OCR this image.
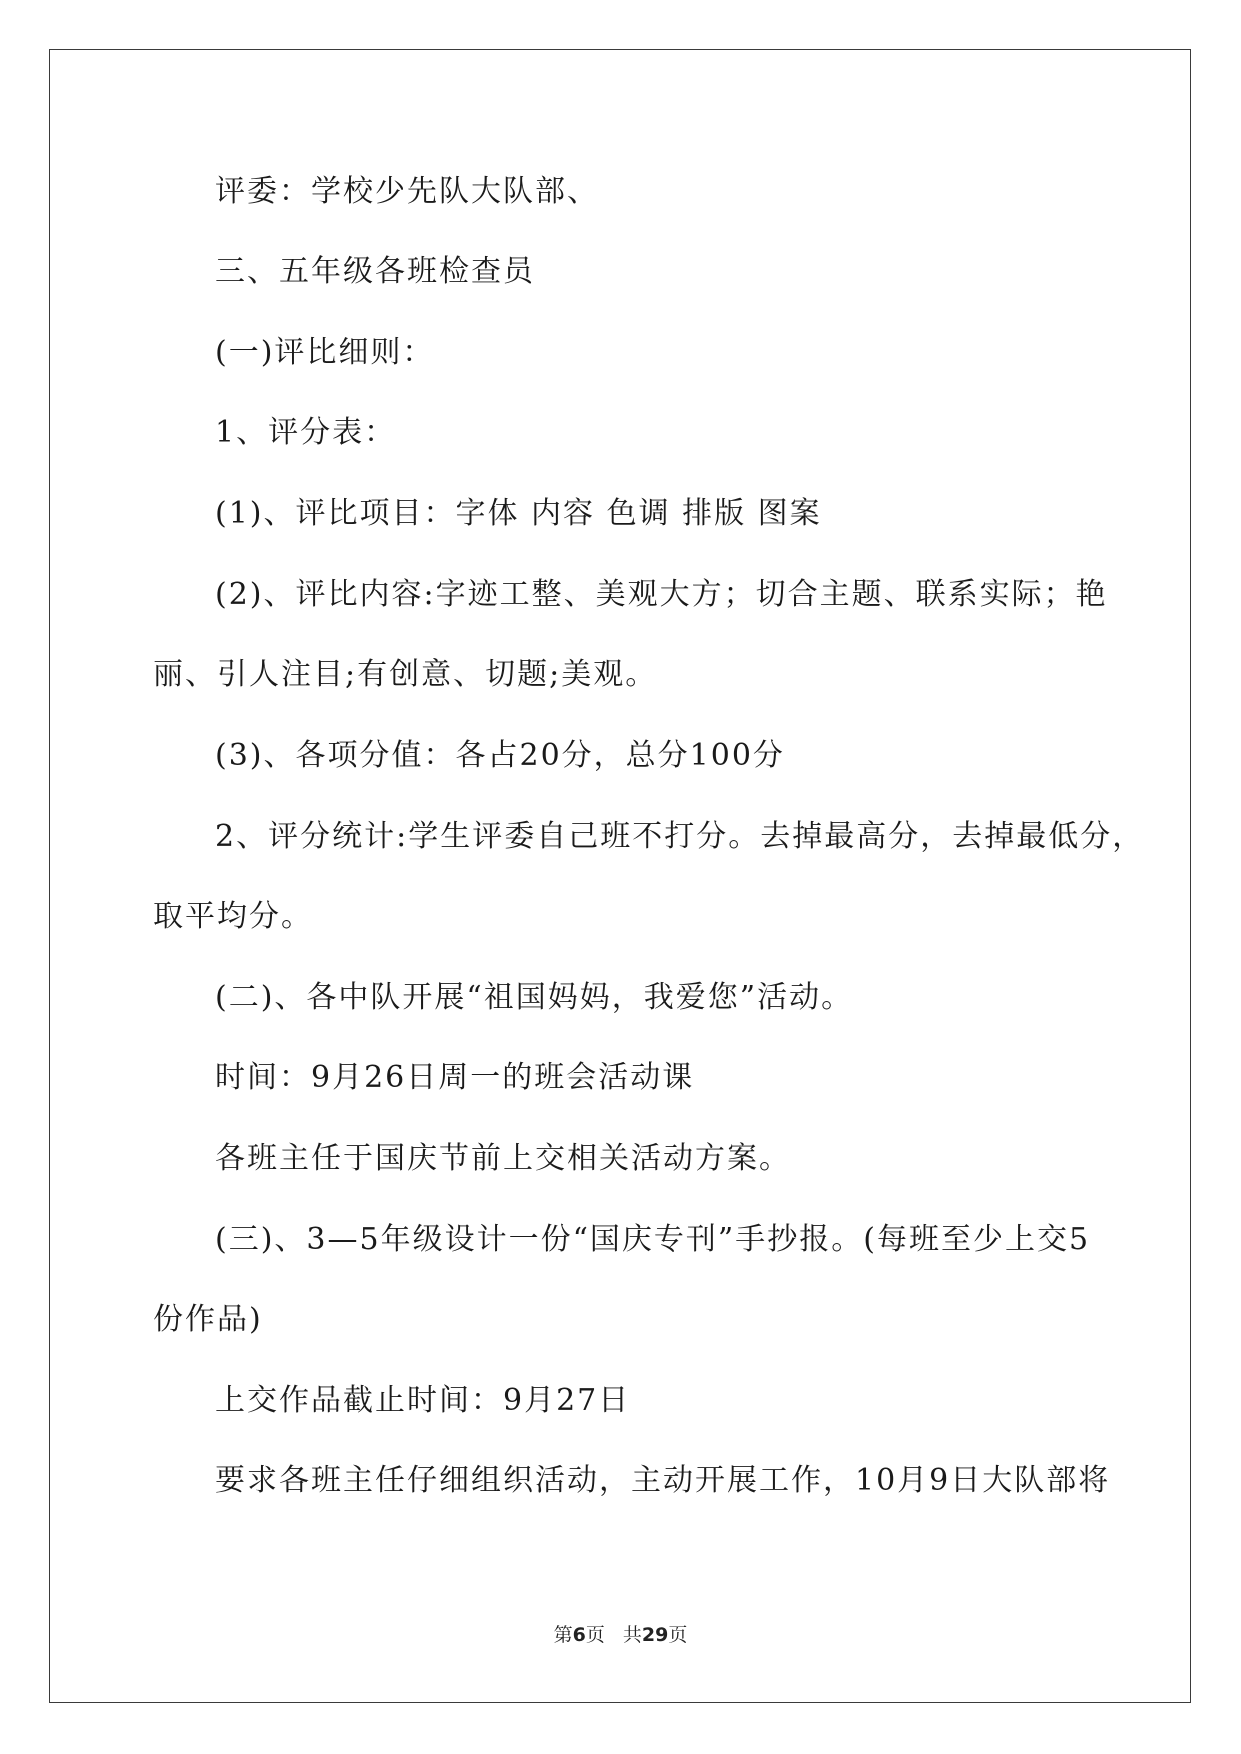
评委：学校少先队大队部、
三、五年级各班检查员
(一)评比细则：
1、评分表：
(1)、评比项目：字体 内容 色调 排版 图案
(2)、评比内容:字迹工整、美观大方；切合主题、联系实际；艳
丽、引人注目;有创意、切题;美观。
(3)、各项分值：各占20分，总分100分
2、评分统计:学生评委自己班不打分。去掉最高分，去掉最低分，
取平均分。
(二)、各中队开展“祖国妈妈，我爱您”活动。
时间：9月26日周一的班会活动课
各班主任于国庆节前上交相关活动方案。
(三)、3—5年级设计一份“国庆专刊”手抄报。(每班至少上交5
份作品)
上交作品截止时间：9月27日
要求各班主任仔细组织活动，主动开展工作，10月9日大队部将
第6页 共29页
